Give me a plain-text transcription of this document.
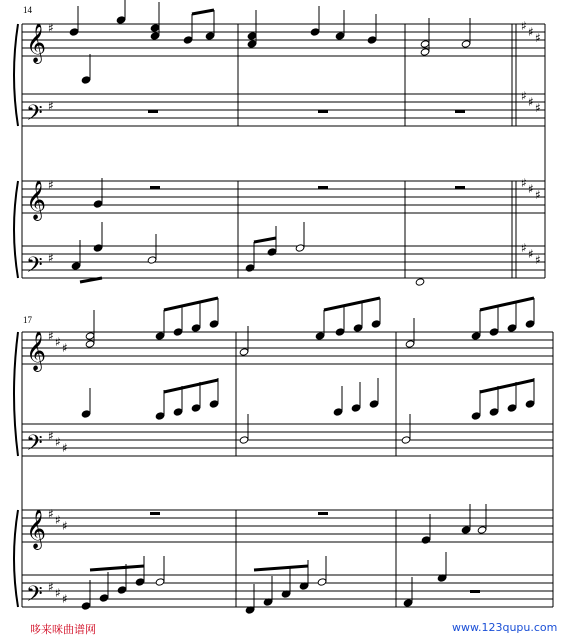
𝄞 ♯
𝄢 ♯
𝄞 ♯
𝄢 ♯
𝄞 ♯ ♯ ♯
𝄢 ♯ ♯ ♯
𝄞 ♯ ♯ ♯
𝄢 ♯ ♯ ♯
♯ ♯ ♯
♯ ♯ ♯
♯ ♯ ♯
♯ ♯ ♯
14
17
哆来咪曲谱网	www.123qupu.com
